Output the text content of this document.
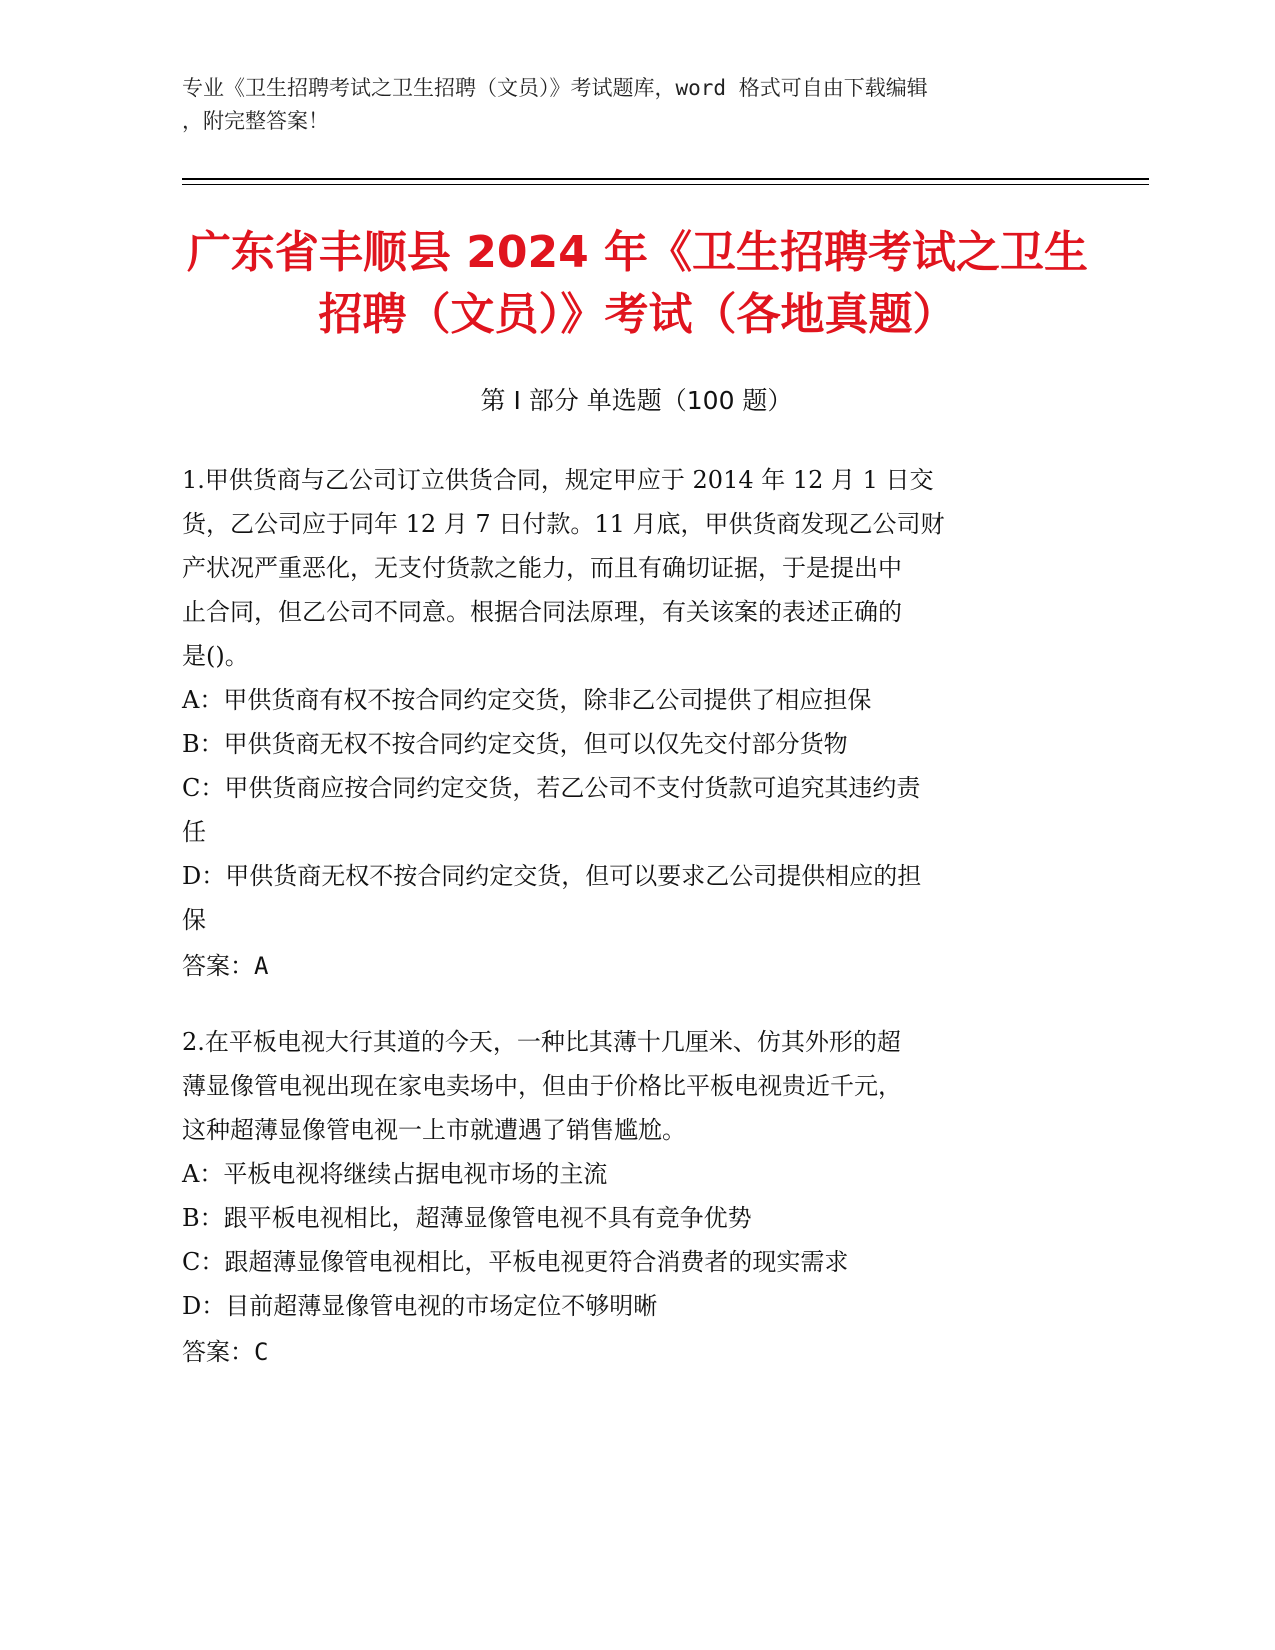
专业《卫生招聘考试之卫生招聘（文员）》考试题库，word 格式可自由下载编辑
，附完整答案！
广东省丰顺县 2024 年《卫生招聘考试之卫生
招聘（文员）》考试（各地真题）
第 I 部分 单选题（100 题）
1.甲供货商与乙公司订立供货合同，规定甲应于 2014 年 12 月 1 日交
货，乙公司应于同年 12 月 7 日付款。11 月底，甲供货商发现乙公司财
产状况严重恶化，无支付货款之能力，而且有确切证据，于是提出中
止合同，但乙公司不同意。根据合同法原理，有关该案的表述正确的
是()。
A：甲供货商有权不按合同约定交货，除非乙公司提供了相应担保
B：甲供货商无权不按合同约定交货，但可以仅先交付部分货物
C：甲供货商应按合同约定交货，若乙公司不支付货款可追究其违约责
任
D：甲供货商无权不按合同约定交货，但可以要求乙公司提供相应的担
保
答案：A
2.在平板电视大行其道的今天，一种比其薄十几厘米、仿其外形的超
薄显像管电视出现在家电卖场中，但由于价格比平板电视贵近千元，
这种超薄显像管电视一上市就遭遇了销售尴尬。
A：平板电视将继续占据电视市场的主流
B：跟平板电视相比，超薄显像管电视不具有竞争优势
C：跟超薄显像管电视相比，平板电视更符合消费者的现实需求
D：目前超薄显像管电视的市场定位不够明晰
答案：C
